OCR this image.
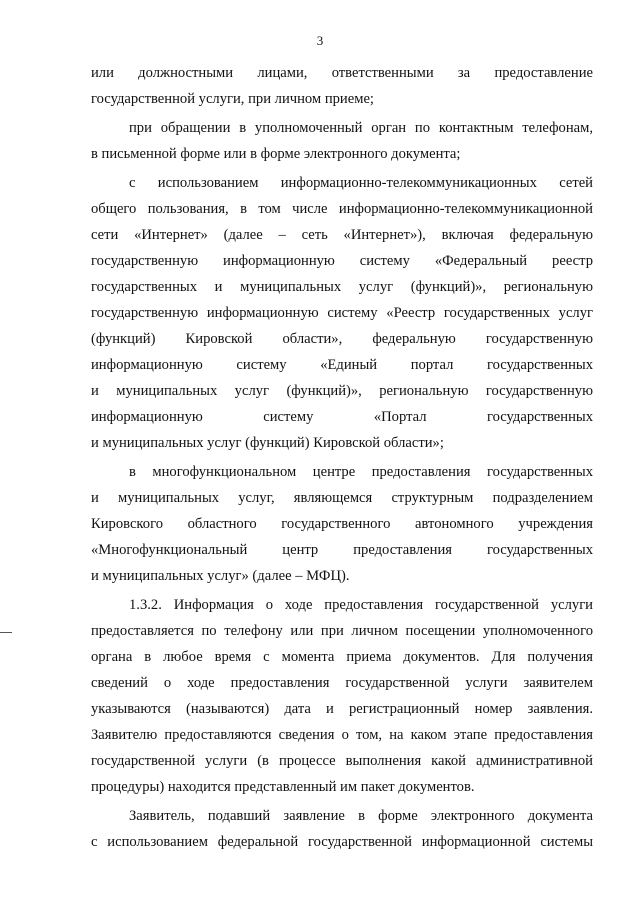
3
или должностными лицами, ответственными за предоставление
государственной услуги, при личном приеме;
при обращении в уполномоченный орган по контактным телефонам,
в письменной форме или в форме электронного документа;
с использованием информационно-телекоммуникационных сетей
общего пользования, в том числе информационно-телекоммуникационной
сети «Интернет» (далее – сеть «Интернет»), включая федеральную
государственную информационную систему «Федеральный реестр
государственных и муниципальных услуг (функций)», региональную
государственную информационную систему «Реестр государственных услуг
(функций) Кировской области», федеральную государственную
информационную систему «Единый портал государственных
и муниципальных услуг (функций)», региональную государственную
информационную систему «Портал государственных
и муниципальных услуг (функций) Кировской области»;
в многофункциональном центре предоставления государственных
и муниципальных услуг, являющемся структурным подразделением
Кировского областного государственного автономного учреждения
«Многофункциональный центр предоставления государственных
и муниципальных услуг» (далее – МФЦ).
1.3.2. Информация о ходе предоставления государственной услуги
предоставляется по телефону или при личном посещении уполномоченного
органа в любое время с момента приема документов. Для получения
сведений о ходе предоставления государственной услуги заявителем
указываются (называются) дата и регистрационный номер заявления.
Заявителю предоставляются сведения о том, на каком этапе предоставления
государственной услуги (в процессе выполнения какой административной
процедуры) находится представленный им пакет документов.
Заявитель, подавший заявление в форме электронного документа
с использованием федеральной государственной информационной системы
